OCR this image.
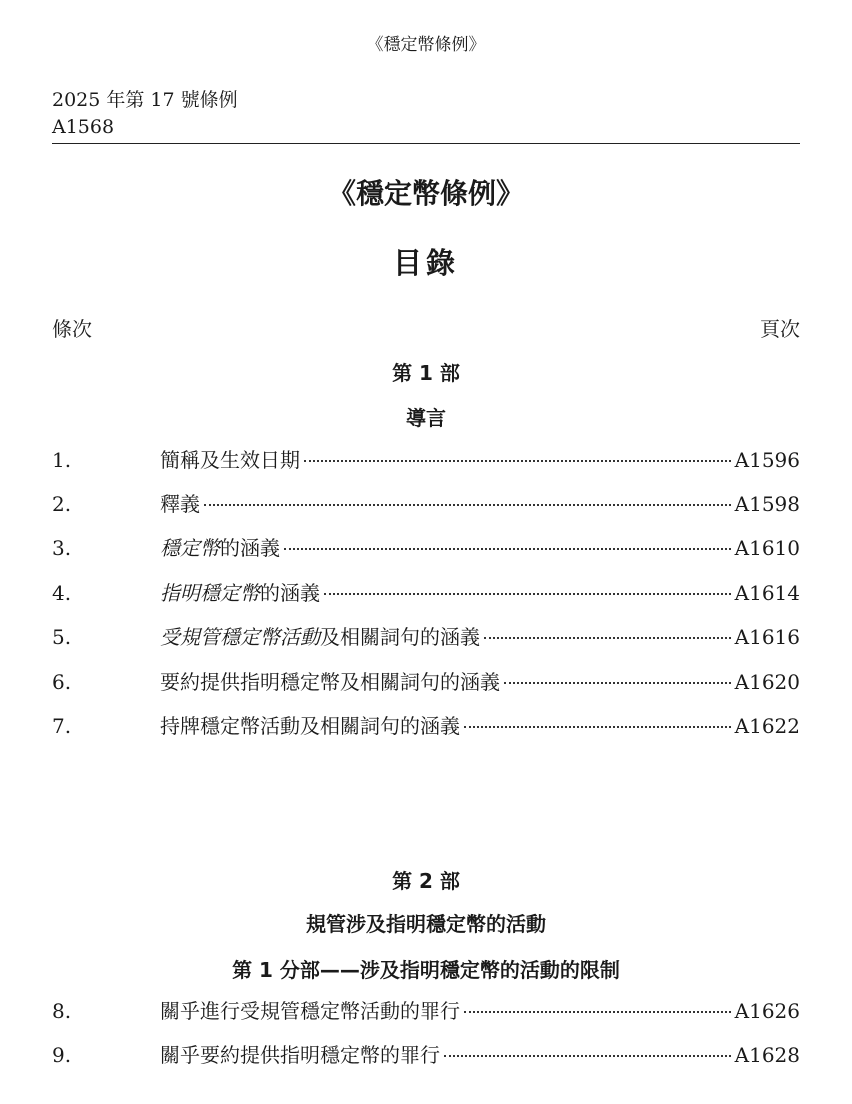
《穩定幣條例》
2025 年第 17 號條例
A1568
《穩定幣條例》
目錄
條次	頁次
第 1 部
導言
1.	簡稱及生效日期	A1596
2.	釋義	A1598
3.	穩定幣的涵義	A1610
4.	指明穩定幣的涵義	A1614
5.	受規管穩定幣活動及相關詞句的涵義	A1616
6.	要約提供指明穩定幣及相關詞句的涵義	A1620
7.	持牌穩定幣活動及相關詞句的涵義	A1622
第 2 部
規管涉及指明穩定幣的活動
第 1 分部——涉及指明穩定幣的活動的限制
8.	關乎進行受規管穩定幣活動的罪行	A1626
9.	關乎要約提供指明穩定幣的罪行	A1628
